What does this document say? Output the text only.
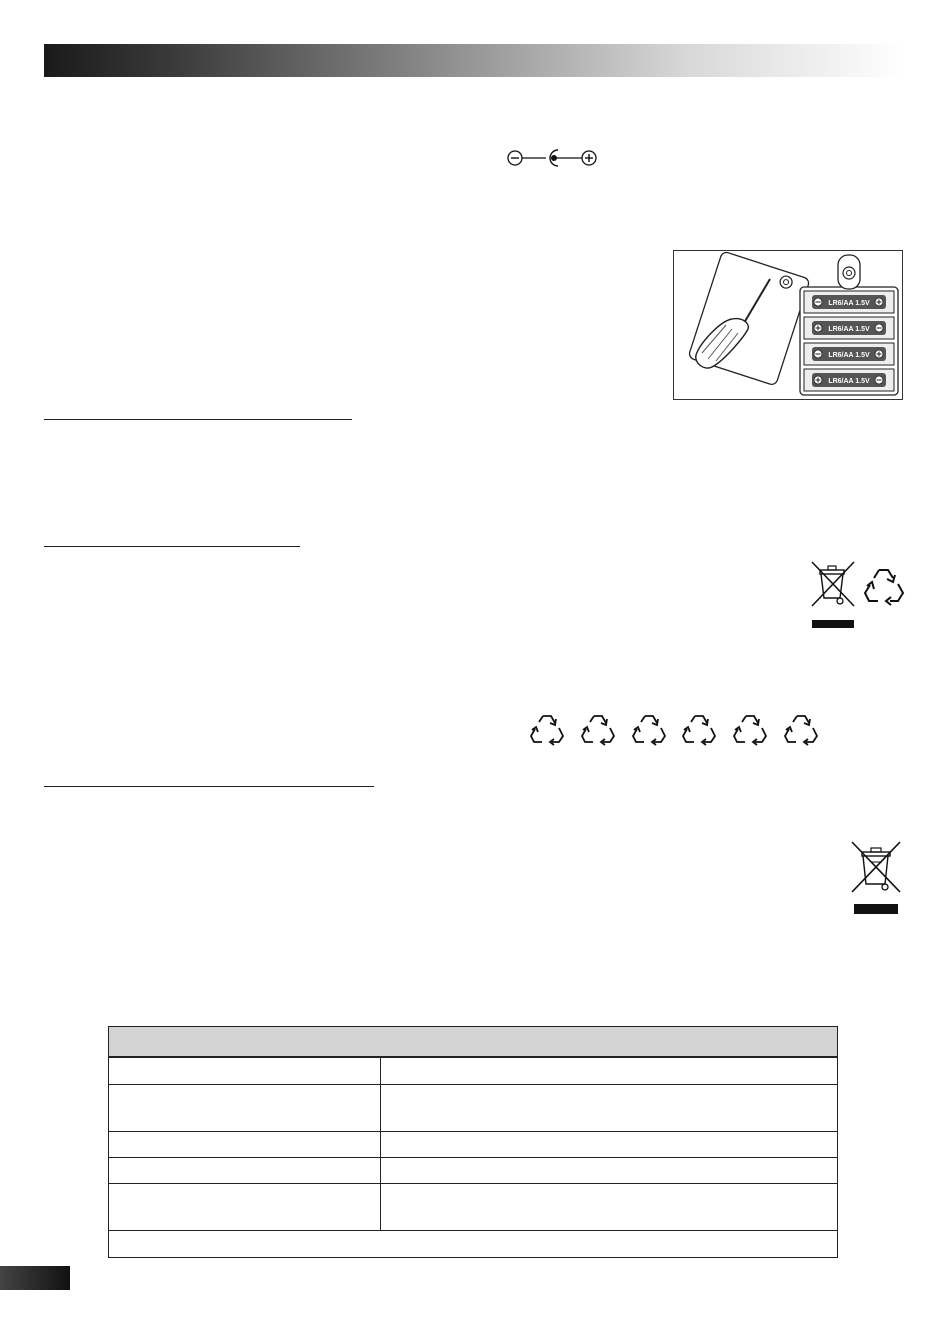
LR6/AA 1.5V
LR6/AA 1.5V
LR6/AA 1.5V
LR6/AA 1.5V
